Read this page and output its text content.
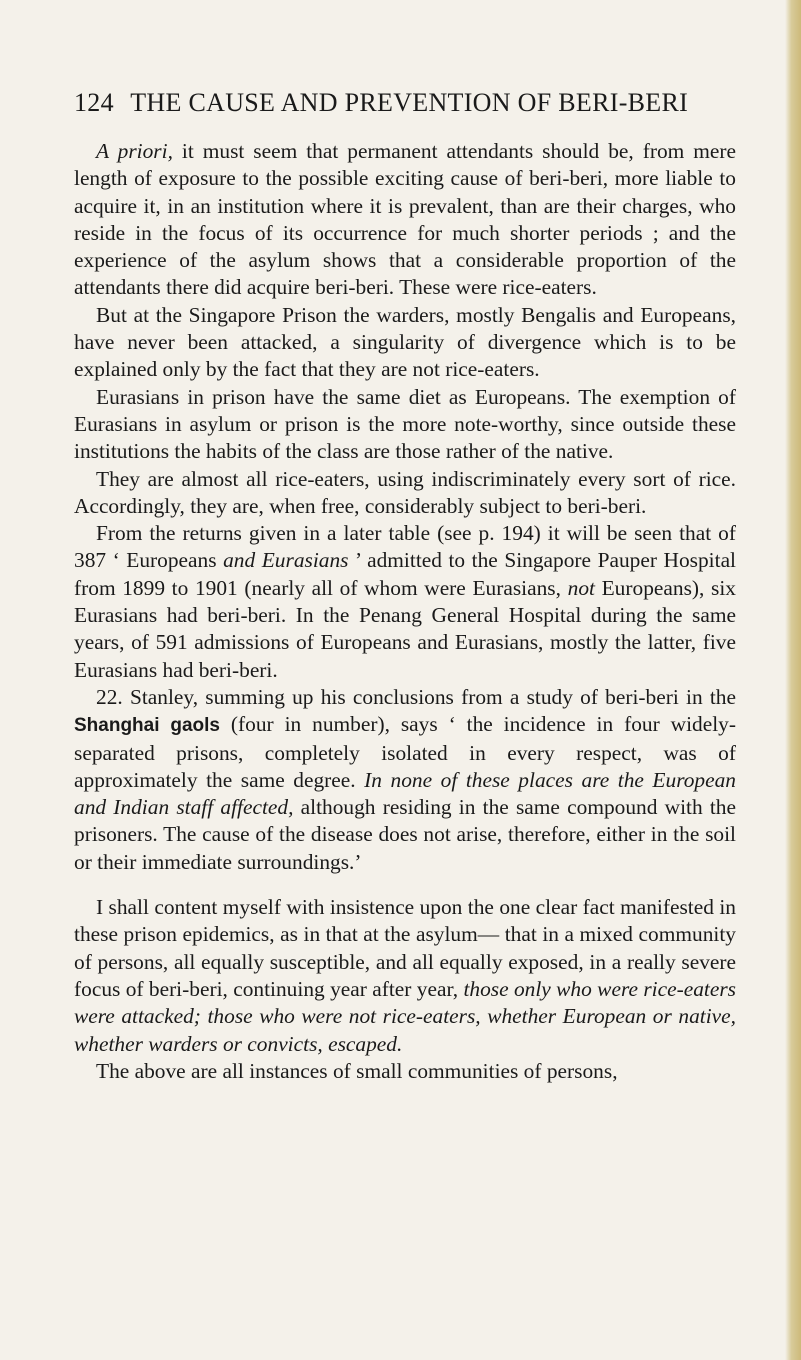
124 THE CAUSE AND PREVENTION OF BERI-BERI

A priori, it must seem that permanent attendants should be, from mere length of exposure to the possible exciting cause of beri-beri, more liable to acquire it, in an institution where it is prevalent, than are their charges, who reside in the focus of its occurrence for much shorter periods ; and the experience of the asylum shows that a considerable proportion of the attendants there did acquire beri-beri. These were rice-eaters.

But at the Singapore Prison the warders, mostly Bengalis and Europeans, have never been attacked, a singularity of divergence which is to be explained only by the fact that they are not rice-eaters.

Eurasians in prison have the same diet as Europeans. The exemption of Eurasians in asylum or prison is the more note-worthy, since outside these institutions the habits of the class are those rather of the native.

They are almost all rice-eaters, using indiscriminately every sort of rice. Accordingly, they are, when free, considerably subject to beri-beri.

From the returns given in a later table (see p. 194) it will be seen that of 387 ‘ Europeans and Eurasians ’ admitted to the Singapore Pauper Hospital from 1899 to 1901 (nearly all of whom were Eurasians, not Europeans), six Eurasians had beri-beri. In the Penang General Hospital during the same years, of 591 admissions of Europeans and Eurasians, mostly the latter, five Eurasians had beri-beri.

22. Stanley, summing up his conclusions from a study of beri-beri in the Shanghai gaols (four in number), says ‘ the incidence in four widely-separated prisons, completely isolated in every respect, was of approximately the same degree. In none of these places are the European and Indian staff affected, although residing in the same compound with the prisoners. The cause of the disease does not arise, therefore, either in the soil or their immediate surroundings.’

I shall content myself with insistence upon the one clear fact manifested in these prison epidemics, as in that at the asylum— that in a mixed community of persons, all equally susceptible, and all equally exposed, in a really severe focus of beri-beri, continuing year after year, those only who were rice-eaters were attacked; those who were not rice-eaters, whether European or native, whether warders or convicts, escaped.

The above are all instances of small communities of persons,
